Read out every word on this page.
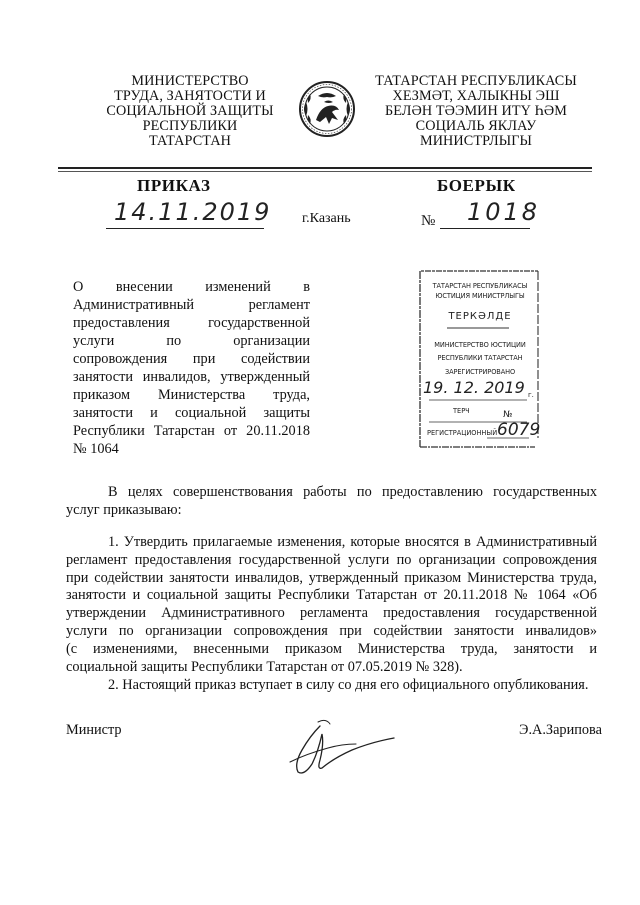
МИНИСТЕРСТВО
ТРУДА, ЗАНЯТОСТИ И
СОЦИАЛЬНОЙ ЗАЩИТЫ
РЕСПУБЛИКИ
ТАТАРСТАН
ТАТАРСТАН РЕСПУБЛИКАСЫ
ХЕЗМӘТ, ХАЛЫКНЫ ЭШ
БЕЛӘН ТӘЭМИН ИТҮ ҺӘМ
СОЦИАЛЬ ЯКЛАУ
МИНИСТРЛЫГЫ
ПРИКАЗ	БОЕРЫК
14.11.2019 г.Казань	№ 1018
О внесении изменений в
Административный регламент
предоставления государственной
услуги по организации
сопровождения при содействии
занятости инвалидов, утвержденный
приказом Министерства труда,
занятости и социальной защиты
Республики Татарстан от 20.11.2018
№ 1064
ТАТАРСТАН РЕСПУБЛИКАСЫ
ЮСТИЦИЯ МИНИСТРЛЫГЫ
ТЕРКӘЛДЕ
МИНИСТЕРСТВО ЮСТИЦИИ
РЕСПУБЛИКИ ТАТАРСТАН
ЗАРЕГИСТРИРОВАНО
19. 12. 2019 г.
ТЕРЧ	№
РЕГИСТРАЦИОННЫЙ 6079
В целях совершенствования работы по предоставлению государственных
услуг приказываю:
1. Утвердить прилагаемые изменения, которые вносятся в Административный
регламент предоставления государственной услуги по организации сопровождения
при содействии занятости инвалидов, утвержденный приказом Министерства труда,
занятости и социальной защиты Республики Татарстан от 20.11.2018 № 1064 «Об
утверждении Административного регламента предоставления государственной
услуги по организации сопровождения при содействии занятости инвалидов»
(с изменениями, внесенными приказом Министерства труда, занятости и
социальной защиты Республики Татарстан от 07.05.2019 № 328).
2. Настоящий приказ вступает в силу со дня его официального опубликования.
Министр	Э.А.Зарипова
